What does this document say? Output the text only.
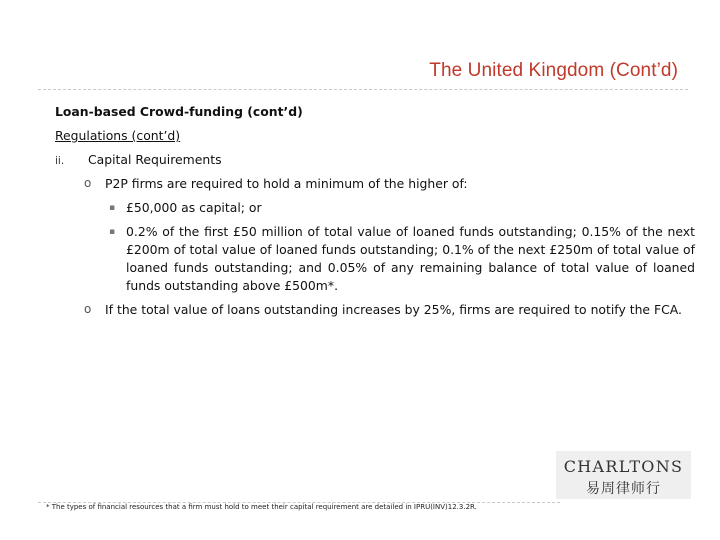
The United Kingdom (Cont’d)
Loan-based Crowd-funding (cont’d)
Regulations (cont’d)
ii. Capital Requirements
o P2P firms are required to hold a minimum of the higher of:
▪ £50,000 as capital; or
▪ 0.2% of the first £50 million of total value of loaned funds outstanding; 0.15% of the next £200m of total value of loaned funds outstanding; 0.1% of the next £250m of total value of loaned funds outstanding; and 0.05% of any remaining balance of total value of loaned funds outstanding above £500m*.
o If the total value of loans outstanding increases by 25%, firms are required to notify the FCA.
CHARLTONS
易周律师行
* The types of financial resources that a firm must hold to meet their capital requirement are detailed in IPRU(INV)12.3.2R.
